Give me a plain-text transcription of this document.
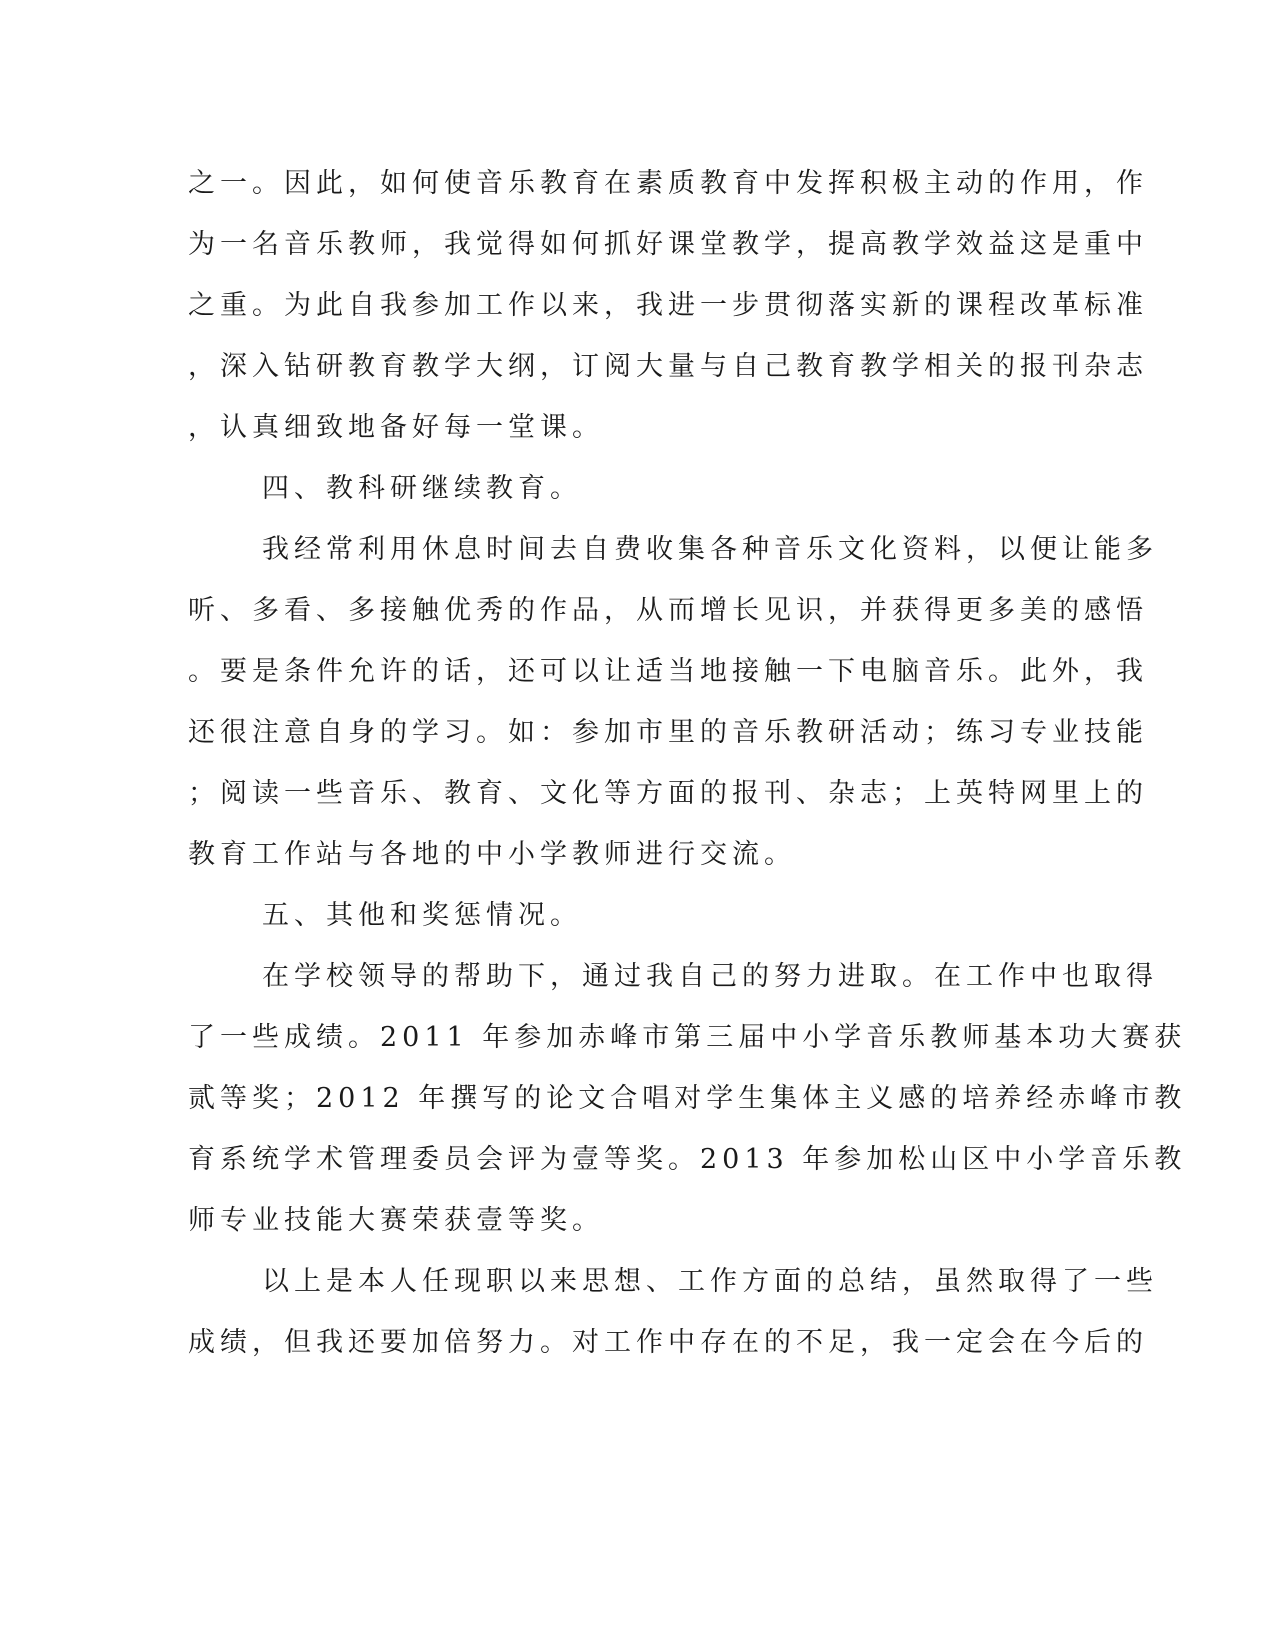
之一。因此，如何使音乐教育在素质教育中发挥积极主动的作用，作
为一名音乐教师，我觉得如何抓好课堂教学，提高教学效益这是重中
之重。为此自我参加工作以来，我进一步贯彻落实新的课程改革标准
，深入钻研教育教学大纲，订阅大量与自己教育教学相关的报刊杂志
，认真细致地备好每一堂课。
四、教科研继续教育。
我经常利用休息时间去自费收集各种音乐文化资料，以便让能多
听、多看、多接触优秀的作品，从而增长见识，并获得更多美的感悟
。要是条件允许的话，还可以让适当地接触一下电脑音乐。此外，我
还很注意自身的学习。如：参加市里的音乐教研活动；练习专业技能
；阅读一些音乐、教育、文化等方面的报刊、杂志；上英特网里上的
教育工作站与各地的中小学教师进行交流。
五、其他和奖惩情况。
在学校领导的帮助下，通过我自己的努力进取。在工作中也取得
了一些成绩。2011 年参加赤峰市第三届中小学音乐教师基本功大赛获
贰等奖；2012 年撰写的论文合唱对学生集体主义感的培养经赤峰市教
育系统学术管理委员会评为壹等奖。2013 年参加松山区中小学音乐教
师专业技能大赛荣获壹等奖。
以上是本人任现职以来思想、工作方面的总结，虽然取得了一些
成绩，但我还要加倍努力。对工作中存在的不足，我一定会在今后的
